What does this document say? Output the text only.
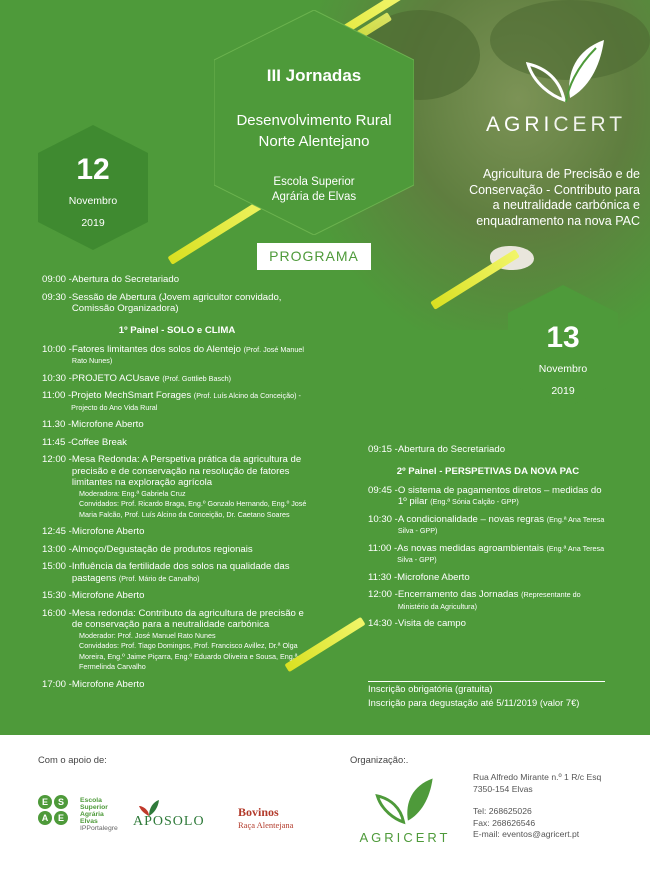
III Jornadas
Desenvolvimento Rural
Norte Alentejano
Escola Superior
Agrária de Elvas
12
Novembro
2019
13
Novembro
2019
AGRICERT
Agricultura de Precisão e de
Conservação - Contributo para
a neutralidade carbónica e
enquadramento na nova PAC
PROGRAMA
09:00 - Abertura do Secretariado
09:30 - Sessão de Abertura (Jovem agricultor convidado, Comissão Organizadora)
1º Painel - SOLO e CLIMA
10:00 - Fatores limitantes dos solos do Alentejo (Prof. José Manuel Rato Nunes)
10:30 - PROJETO ACUsave (Prof. Gottlieb Basch)
11:00 - Projeto MechSmart Forages (Prof. Luís Alcino da Conceição) - Projecto do Ano Vida Rural
11.30 - Microfone Aberto
11:45 - Coffee Break
12:00 - Mesa Redonda: A Perspetiva prática da agricultura de precisão e de conservação na resolução de fatores limitantes na exploração agrícola
Moderadora: Eng.ª Gabriela Cruz
Convidados: Prof. Ricardo Braga, Eng.º Gonzalo Hernando, Eng.º José Maria Falcão, Prof. Luís Alcino da Conceição, Dr. Caetano Soares
12:45 - Microfone Aberto
13:00 - Almoço/Degustação de produtos regionais
15:00 - Influência da fertilidade dos solos na qualidade das pastagens (Prof. Mário de Carvalho)
15:30 - Microfone Aberto
16:00 - Mesa redonda: Contributo da agricultura de precisão e de conservação para a neutralidade carbónica
Moderador: Prof. José Manuel Rato Nunes
Convidados: Prof. Tiago Domingos, Prof. Francisco Avillez, Dr.ª Olga Moreira, Eng.º Jaime Piçarra, Eng.º Eduardo Oliveira e Sousa, Eng.ª Fermelinda Carvalho
17:00 - Microfone Aberto
09:15 - Abertura do Secretariado
2º Painel - PERSPETIVAS DA NOVA PAC
09:45 - O sistema de pagamentos diretos – medidas do 1º pilar (Eng.ª Sónia Calção - GPP)
10:30 - A condicionalidade – novas regras (Eng.ª Ana Teresa Silva - GPP)
11:00 - As novas medidas agroambientais (Eng.ª Ana Teresa Silva - GPP)
11:30 - Microfone Aberto
12:00 - Encerramento das Jornadas (Representante do Ministério da Agricultura)
14:30 - Visita de campo
Inscrição obrigatória (gratuita)
Inscrição para degustação até 5/11/2019 (valor 7€)
Com o apoio de:	Organização:.
E	S
A	E
Escola
Superior
Agrária
Elvas
IPPortalegre APOSOLO
Bovinos
Raça Alentejana
AGRICERT
Rua Alfredo Mirante n.º 1 R/c Esq
7350-154 Elvas
Tel: 268625026
Fax: 268626546
E-mail: eventos@agricert.pt
